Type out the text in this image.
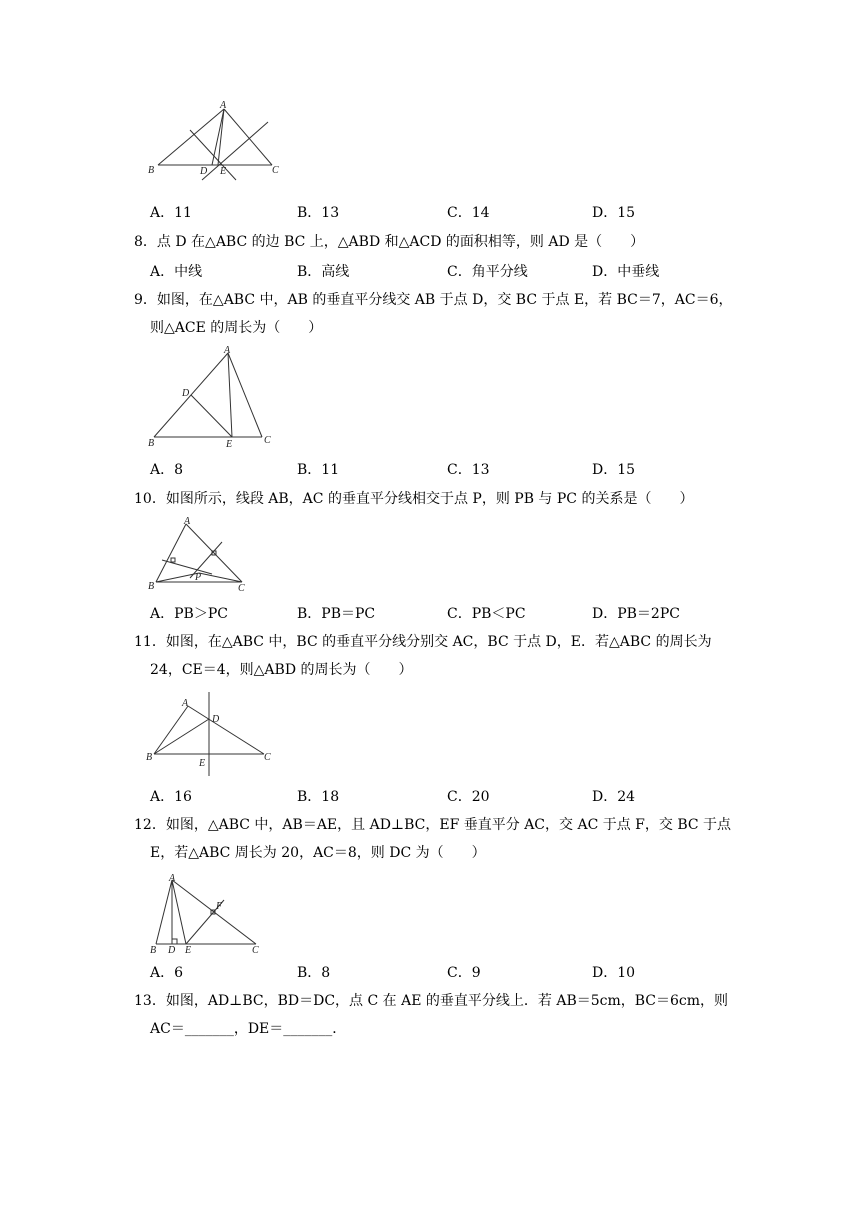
A
B	C
D E
A．11	B．13	C．14	D．15
8．点 D 在△ABC 的边 BC 上，△ABD 和△ACD 的面积相等，则 AD 是（　　）
A．中线	B．高线	C．角平分线	D．中垂线
9．如图，在△ABC 中，AB 的垂直平分线交 AB 于点 D，交 BC 于点 E，若 BC＝7，AC＝6，
则△ACE 的周长为（　　）
A
B	C
D
E
A．8	B．11	C．13	D．15
10．如图所示，线段 AB，AC 的垂直平分线相交于点 P，则 PB 与 PC 的关系是（　　）
A
B	C
P
A．PB＞PC	B．PB＝PC	C．PB＜PC	D．PB＝2PC
11．如图，在△ABC 中，BC 的垂直平分线分别交 AC，BC 于点 D，E．若△ABC 的周长为
24，CE＝4，则△ABD 的周长为（　　）
A
B	C
D
E
A．16	B．18	C．20	D．24
12．如图，△ABC 中，AB＝AE，且 AD⊥BC，EF 垂直平分 AC，交 AC 于点 F，交 BC 于点
E，若△ABC 周长为 20，AC＝8，则 DC 为（　　）
A
B	C
D E
F
A．6	B．8	C．9	D．10
13．如图，AD⊥BC，BD＝DC，点 C 在 AE 的垂直平分线上．若 AB＝5cm，BC＝6cm，则
AC＝_______，DE＝_______．
